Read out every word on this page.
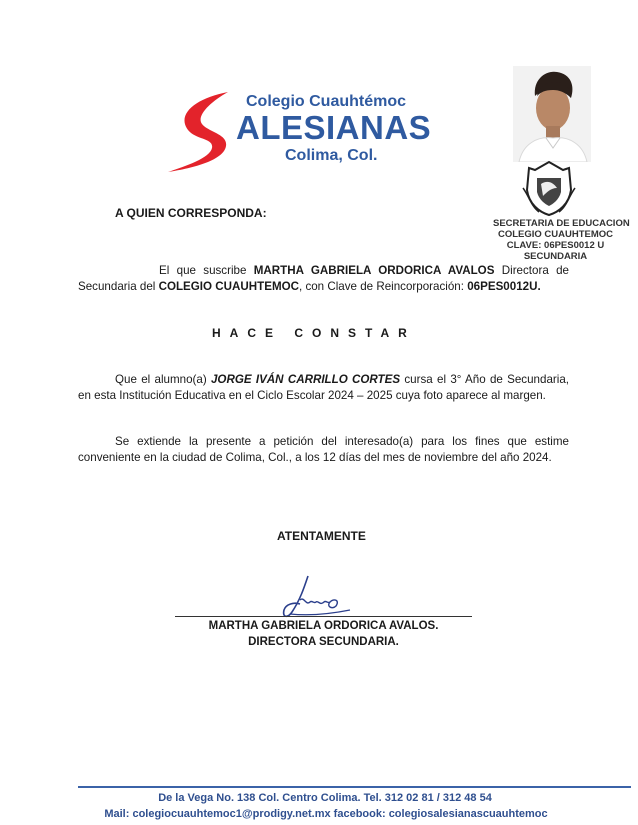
Colegio Cuauhtémoc
ALESIANAS
Colima, Col.
SECRETARIA DE EDUCACION
COLEGIO CUAUHTEMOC
CLAVE: 06PES0012 U
SECUNDARIA
A QUIEN CORRESPONDA:
El que suscribe MARTHA GABRIELA ORDORICA AVALOS Directora de Secundaria del COLEGIO CUAUHTEMOC, con Clave de Reincorporación: 06PES0012U.
HACE CONSTAR
Que el alumno(a) JORGE IVÁN CARRILLO CORTES cursa el 3° Año de Secundaria, en esta Institución Educativa en el Ciclo Escolar 2024 – 2025 cuya foto aparece al margen.
Se extiende la presente a petición del interesado(a) para los fines que estime conveniente en la ciudad de Colima, Col., a los 12 días del mes de noviembre del año 2024.
ATENTAMENTE
MARTHA GABRIELA ORDORICA AVALOS.
DIRECTORA SECUNDARIA.
De la Vega No. 138 Col. Centro Colima. Tel. 312 02 81 / 312 48 54
Mail: colegiocuauhtemoc1@prodigy.net.mx facebook: colegiosalesianascuauhtemoc
